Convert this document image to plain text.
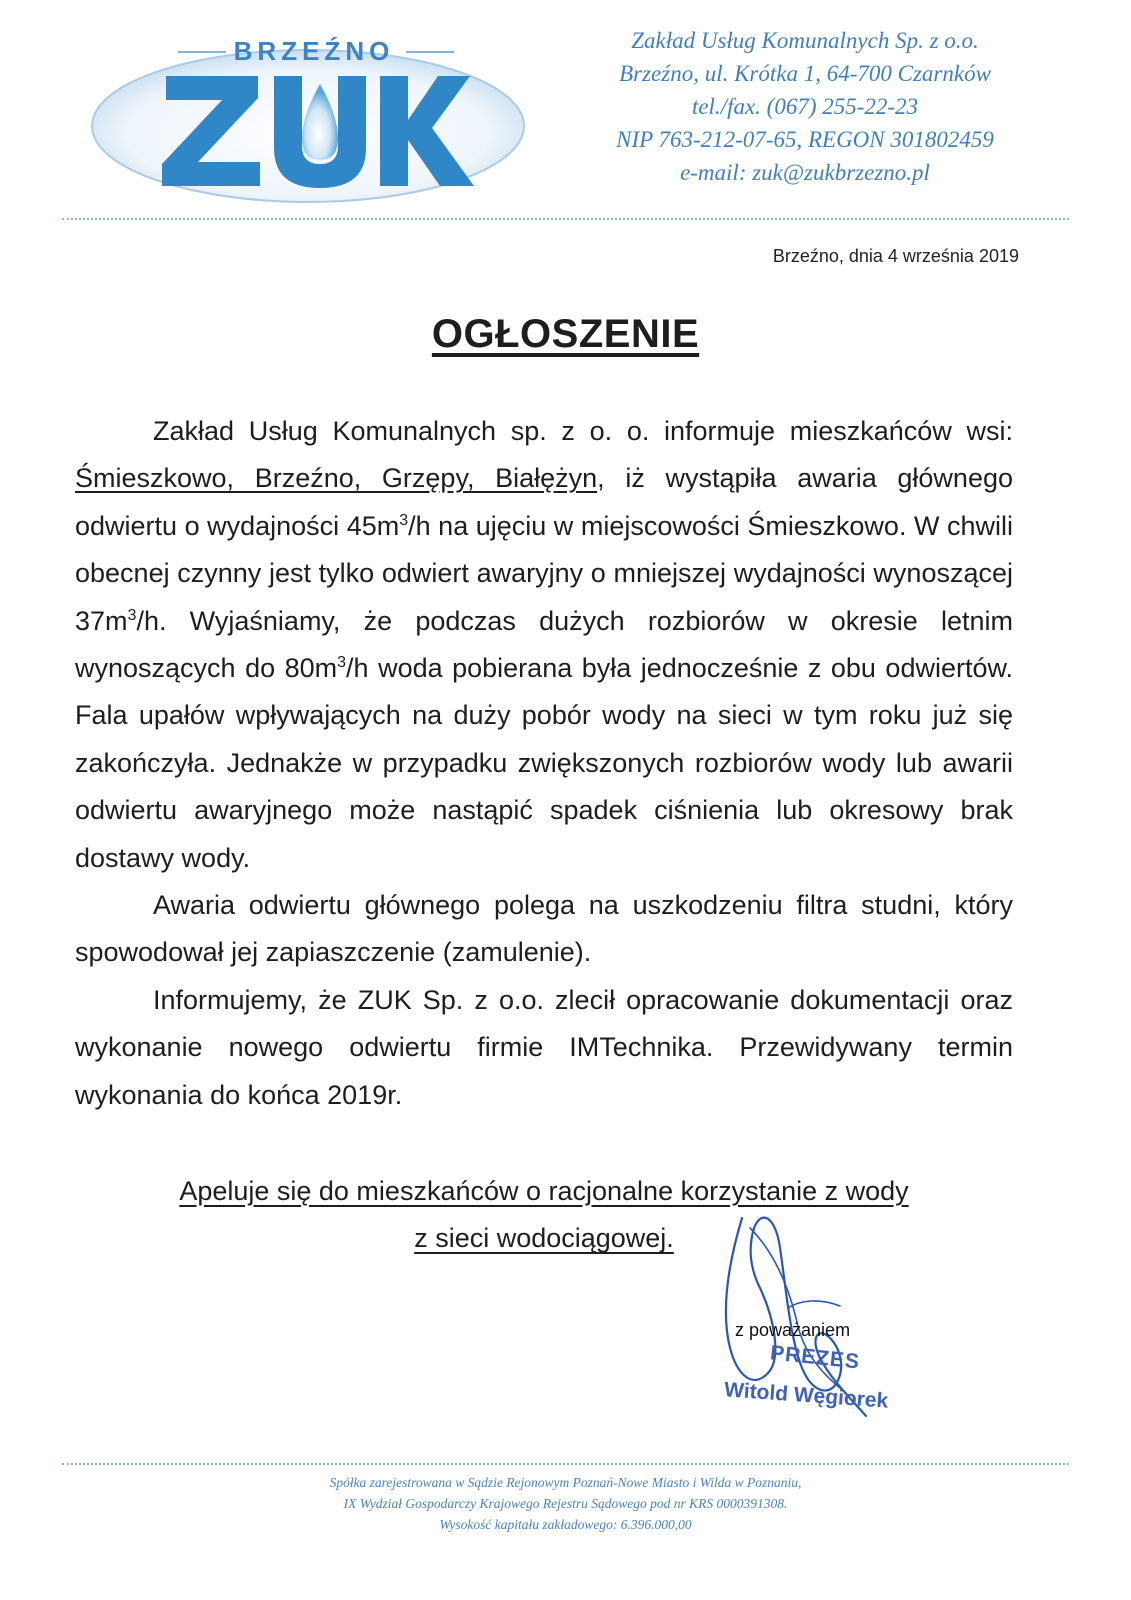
BRZEŹNO	Zakład Usług Komunalnych Sp. z o.o.
Brzeźno, ul. Krótka 1, 64-700 Czarnków
tel./fax. (067) 255-22-23
NIP 763-212-07-65, REGON 301802459
e-mail: zuk@zukbrzezno.pl
Brzeźno, dnia 4 września 2019
OGŁOSZENIE

Zakład Usług Komunalnych sp. z o. o. informuje mieszkańców wsi: Śmieszkowo, Brzeźno, Grzępy, Białężyn, iż wystąpiła awaria głównego odwiertu o wydajności $45m^3/h$ na ujęciu w miejscowości Śmieszkowo. W chwili obecnej czynny jest tylko odwiert awaryjny o mniejszej wydajności wynoszącej $37m^3/h$. Wyjaśniamy, że podczas dużych rozbiorów w okresie letnim wynoszących do $80m^3/h$ woda pobierana była jednocześnie z obu odwiertów. Fala upałów wpływających na duży pobór wody na sieci w tym roku już się zakończyła. Jednakże w przypadku zwiększonych rozbiorów wody lub awarii odwiertu awaryjnego może nastąpić spadek ciśnienia lub okresowy brak dostawy wody.

Awaria odwiertu głównego polega na uszkodzeniu filtra studni, który spowodował jej zapiaszczenie (zamulenie).

Informujemy, że ZUK Sp. z o.o. zlecił opracowanie dokumentacji oraz wykonanie nowego odwiertu firmie IMTechnika. Przewidywany termin wykonania do końca 2019r.

Apeluje się do mieszkańców o racjonalne korzystanie z wody
z sieci wodociągowej.
z poważaniem
PREZES
Witold Węgiorek
Spółka zarejestrowana w Sądzie Rejonowym Poznań-Nowe Miasto i Wilda w Poznaniu,
IX Wydział Gospodarczy Krajowego Rejestru Sądowego pod nr KRS 0000391308.
Wysokość kapitału zakładowego: 6.396.000,00
